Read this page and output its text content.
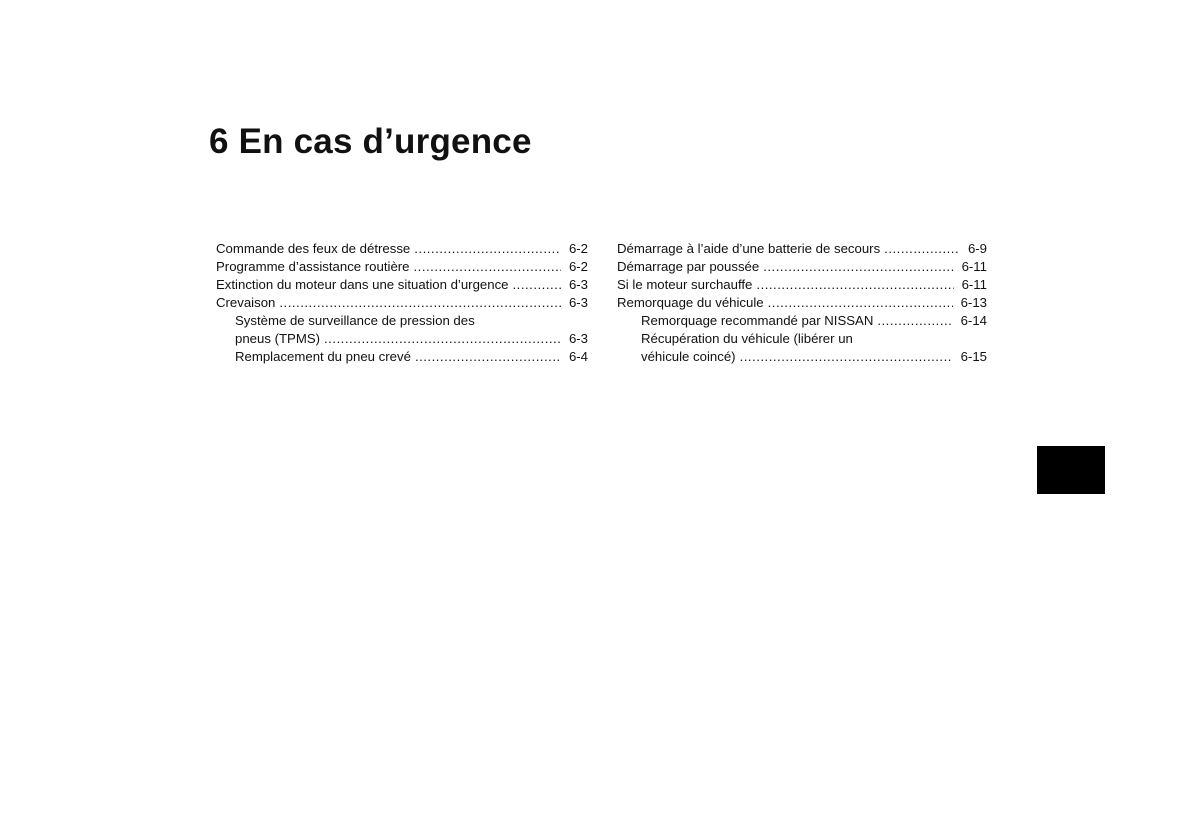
6 En cas d’urgence
Commande des feux de détresse .....	6-2
Programme d’assistance routière .....	6-2
Extinction du moteur dans une situation d’urgence .....	6-3
Crevaison .....	6-3
Système de surveillance de pression des
pneus (TPMS) .....	6-3
Remplacement du pneu crevé .....	6-4
Démarrage à l’aide d’une batterie de secours .....	6-9
Démarrage par poussée .....	6-11
Si le moteur surchauffe .....	6-11
Remorquage du véhicule .....	6-13
Remorquage recommandé par NISSAN .....	6-14
Récupération du véhicule (libérer un
véhicule coincé) .....	6-15
